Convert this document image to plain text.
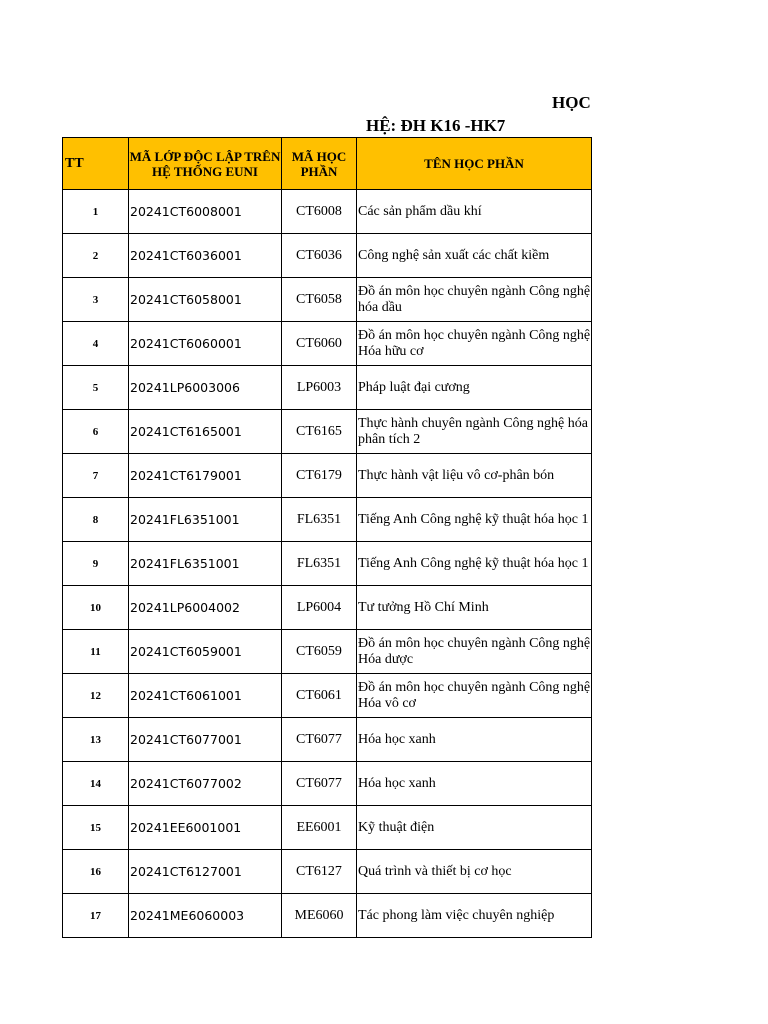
HỌC
HỆ: ĐH K16 -HK7
TT	MÃ LỚP ĐỘC LẬP TRÊN HỆ THỐNG EUNI	MÃ HỌC PHẦN	TÊN HỌC PHẦN
1	20241CT6008001	CT6008	Các sản phẩm dầu khí
2	20241CT6036001	CT6036	Công nghệ sản xuất các chất kiềm
3	20241CT6058001	CT6058	Đồ án môn học chuyên ngành Công nghệ hóa dầu
4	20241CT6060001	CT6060	Đồ án môn học chuyên ngành Công nghệ Hóa hữu cơ
5	20241LP6003006	LP6003	Pháp luật đại cương
6	20241CT6165001	CT6165	Thực hành chuyên ngành Công nghệ hóa phân tích 2
7	20241CT6179001	CT6179	Thực hành vật liệu vô cơ-phân bón
8	20241FL6351001	FL6351	Tiếng Anh Công nghệ kỹ thuật hóa học 1
9	20241FL6351001	FL6351	Tiếng Anh Công nghệ kỹ thuật hóa học 1
10	20241LP6004002	LP6004	Tư tưởng Hồ Chí Minh
11	20241CT6059001	CT6059	Đồ án môn học chuyên ngành Công nghệ Hóa dược
12	20241CT6061001	CT6061	Đồ án môn học chuyên ngành Công nghệ Hóa vô cơ
13	20241CT6077001	CT6077	Hóa học xanh
14	20241CT6077002	CT6077	Hóa học xanh
15	20241EE6001001	EE6001	Kỹ thuật điện
16	20241CT6127001	CT6127	Quá trình và thiết bị cơ học
17	20241ME6060003	ME6060	Tác phong làm việc chuyên nghiệp
